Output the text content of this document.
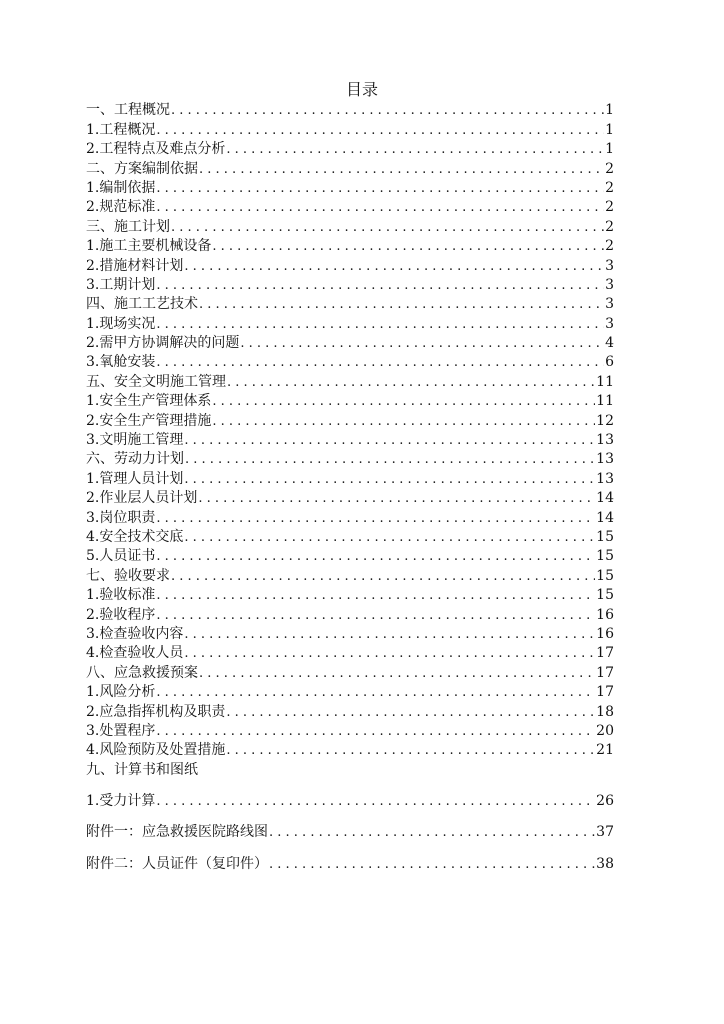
目录
一、工程概况 . . .	1
1.工程概况 . . .	1
2.工程特点及难点分析 . . .	1
二、方案编制依据 . . .	2
1.编制依据 . . .	2
2.规范标准 . . .	2
三、施工计划 . . .	2
1.施工主要机械设备 . . .	2
2.措施材料计划 . . .	3
3.工期计划 . . .	3
四、施工工艺技术 . . .	3
1.现场实况 . . .	3
2.需甲方协调解决的问题 . . .	4
3.氧舱安装 . . .	6
五、安全文明施工管理 . . .	11
1.安全生产管理体系 . . .	11
2.安全生产管理措施 . . .	12
3.文明施工管理 . . .	13
六、劳动力计划 . . .	13
1.管理人员计划 . . .	13
2.作业层人员计划 . . .	14
3.岗位职责 . . .	14
4.安全技术交底 . . .	15
5.人员证书 . . .	15
七、验收要求 . . .	15
1.验收标准 . . .	15
2.验收程序 . . .	16
3.检查验收内容 . . .	16
4.检查验收人员 . . .	17
八、应急救援预案 . . .	17
1.风险分析 . . .	17
2.应急指挥机构及职责 . . .	18
3.处置程序 . . .	20
4.风险预防及处置措施 . . .	21
九、计算书和图纸
1.受力计算 . . .	26
附件一：应急救援医院路线图 . . .	37
附件二：人员证件（复印件） . . .	38
